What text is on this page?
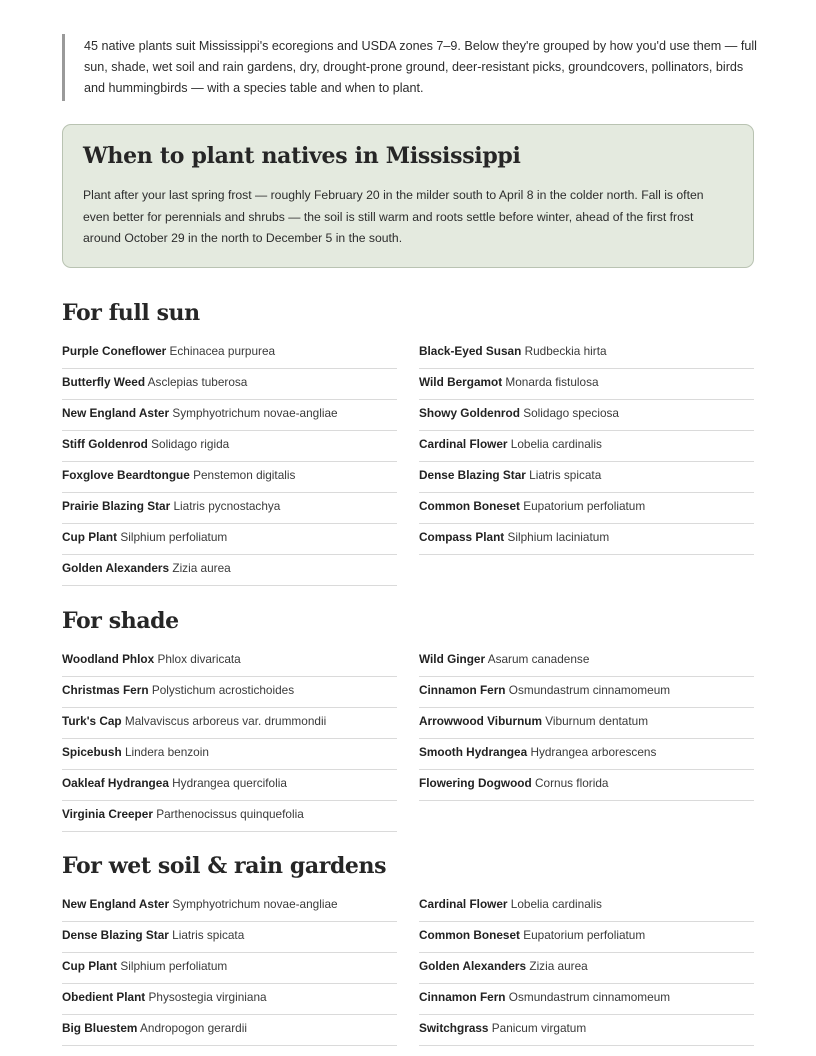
45 native plants suit Mississippi's ecoregions and USDA zones 7–9. Below they're grouped by how you'd use them — full sun, shade, wet soil and rain gardens, dry, drought-prone ground, deer-resistant picks, groundcovers, pollinators, birds and hummingbirds — with a species table and when to plant.
When to plant natives in Mississippi

Plant after your last spring frost — roughly February 20 in the milder south to April 8 in the colder north. Fall is often even better for perennials and shrubs — the soil is still warm and roots settle before winter, ahead of the first frost around October 29 in the north to December 5 in the south.

For full sun
Purple Coneflower Echinacea purpurea	Black-Eyed Susan Rudbeckia hirta
Butterfly Weed Asclepias tuberosa	Wild Bergamot Monarda fistulosa
New England Aster Symphyotrichum novae-angliae	Showy Goldenrod Solidago speciosa
Stiff Goldenrod Solidago rigida	Cardinal Flower Lobelia cardinalis
Foxglove Beardtongue Penstemon digitalis	Dense Blazing Star Liatris spicata
Prairie Blazing Star Liatris pycnostachya	Common Boneset Eupatorium perfoliatum
Cup Plant Silphium perfoliatum	Compass Plant Silphium laciniatum
Golden Alexanders Zizia aurea
For shade
Woodland Phlox Phlox divaricata	Wild Ginger Asarum canadense
Christmas Fern Polystichum acrostichoides	Cinnamon Fern Osmundastrum cinnamomeum
Turk's Cap Malvaviscus arboreus var. drummondii	Arrowwood Viburnum Viburnum dentatum
Spicebush Lindera benzoin	Smooth Hydrangea Hydrangea arborescens
Oakleaf Hydrangea Hydrangea quercifolia	Flowering Dogwood Cornus florida
Virginia Creeper Parthenocissus quinquefolia
For wet soil & rain gardens
New England Aster Symphyotrichum novae-angliae	Cardinal Flower Lobelia cardinalis
Dense Blazing Star Liatris spicata	Common Boneset Eupatorium perfoliatum
Cup Plant Silphium perfoliatum	Golden Alexanders Zizia aurea
Obedient Plant Physostegia virginiana	Cinnamon Fern Osmundastrum cinnamomeum
Big Bluestem Andropogon gerardii	Switchgrass Panicum virgatum
